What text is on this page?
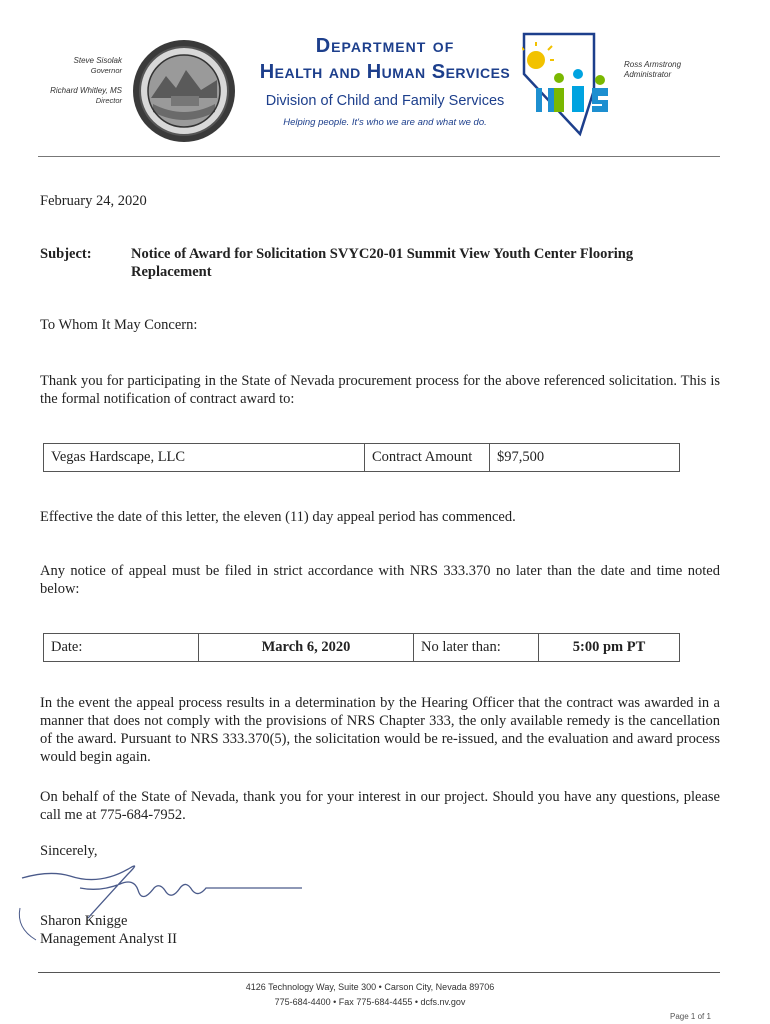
Steve Sisolak
Governor
Richard Whitley, MS
Director
Department of
Health and Human Services
Division of Child and Family Services
Helping people. It's who we are and what we do.
Ross Armstrong
Administrator
February 24, 2020
Subject:	Notice of Award for Solicitation SVYC20-01 Summit View Youth Center Flooring Replacement
To Whom It May Concern:
Thank you for participating in the State of Nevada procurement process for the above referenced solicitation. This is the formal notification of contract award to:
Vegas Hardscape, LLC	Contract Amount	$97,500
Effective the date of this letter, the eleven (11) day appeal period has commenced.
Any notice of appeal must be filed in strict accordance with NRS 333.370 no later than the date and time noted below:
Date:	March 6, 2020	No later than:	5:00 pm PT
In the event the appeal process results in a determination by the Hearing Officer that the contract was awarded in a manner that does not comply with the provisions of NRS Chapter 333, the only available remedy is the cancellation of the award. Pursuant to NRS 333.370(5), the solicitation would be re-issued, and the evaluation and award process would begin again.
On behalf of the State of Nevada, thank you for your interest in our project. Should you have any questions, please call me at 775-684-7952.
Sincerely,
Sharon Knigge
Management Analyst II
4126 Technology Way, Suite 300 • Carson City, Nevada 89706
775-684-4400 • Fax 775-684-4455 • dcfs.nv.gov
Page 1 of 1
